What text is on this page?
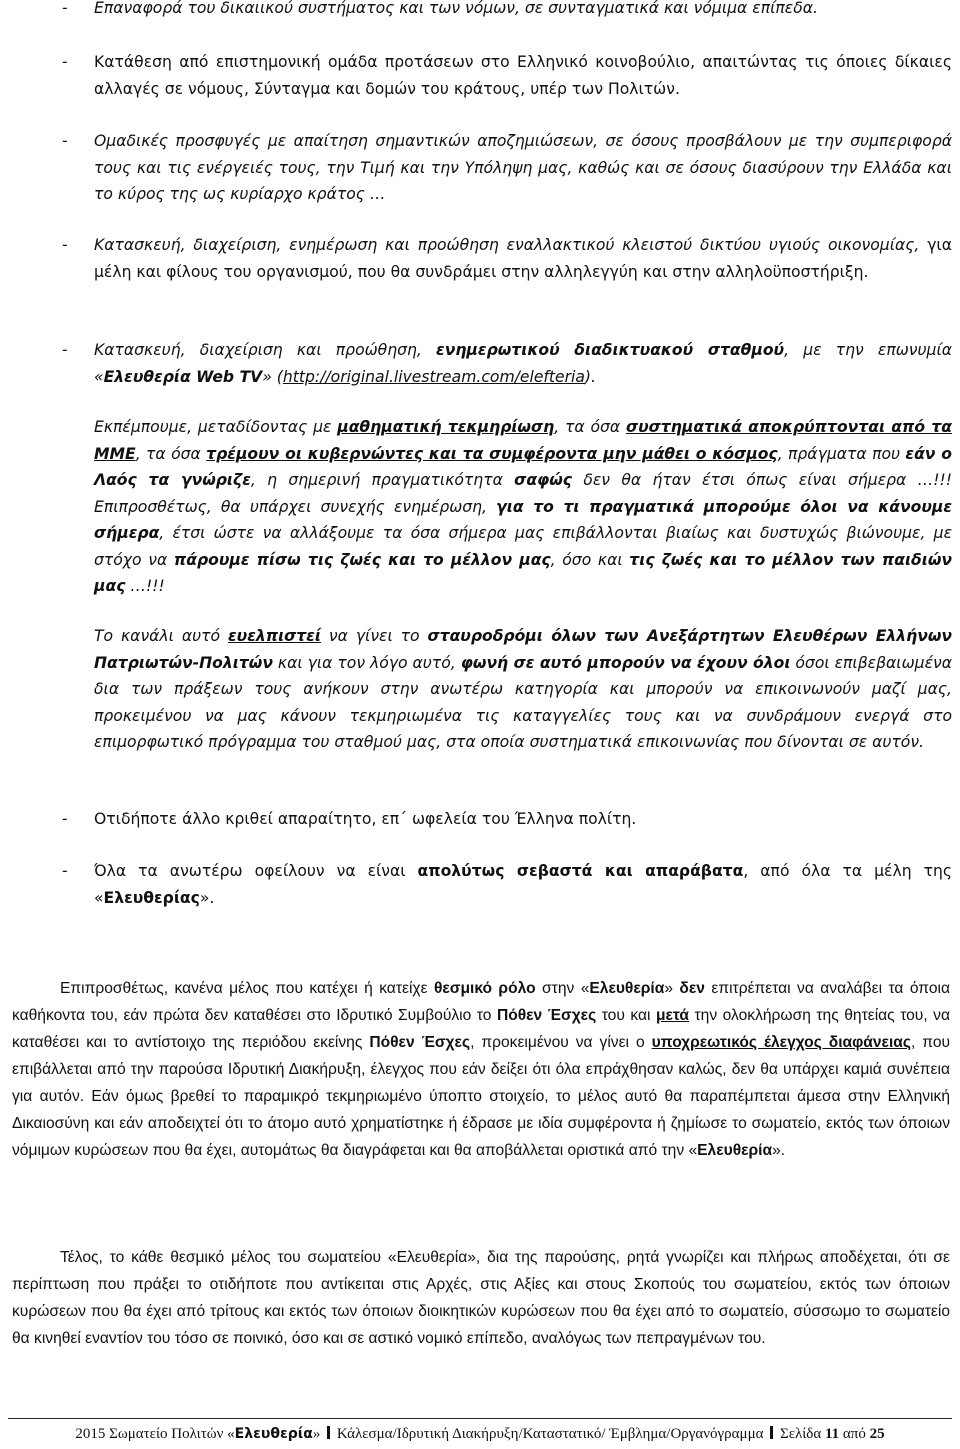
- Επαναφορά του δικαιικού συστήματος και των νόμων, σε συνταγματικά και νόμιμα επίπεδα.
- Κατάθεση από επιστημονική ομάδα προτάσεων στο Ελληνικό κοινοβούλιο, απαιτώντας τις όποιες δίκαιες αλλαγές σε νόμους, Σύνταγμα και δομών του κράτους, υπέρ των Πολιτών.
- Ομαδικές προσφυγές με απαίτηση σημαντικών αποζημιώσεων, σε όσους προσβάλουν με την συμπεριφορά τους και τις ενέργειές τους, την Τιμή και την Υπόληψη μας, καθώς και σε όσους διασύρουν την Ελλάδα και το κύρος της ως κυρίαρχο κράτος …
- Κατασκευή, διαχείριση, ενημέρωση και προώθηση εναλλακτικού κλειστού δικτύου υγιούς οικονομίας, για μέλη και φίλους του οργανισμού, που θα συνδράμει στην αλληλεγγύη και στην αλληλοϋποστήριξη.
- Κατασκευή, διαχείριση και προώθηση, ενημερωτικού διαδικτυακού σταθμού, με την επωνυμία «Ελευθερία Web TV» (http://original.livestream.com/elefteria).
Εκπέμπουμε, μεταδίδοντας με μαθηματική τεκμηρίωση, τα όσα συστηματικά αποκρύπτονται από τα ΜΜΕ, τα όσα τρέμουν οι κυβερνώντες και τα συμφέροντα μην μάθει ο κόσμος, πράγματα που εάν ο Λαός τα γνώριζε, η σημερινή πραγματικότητα σαφώς δεν θα ήταν έτσι όπως είναι σήμερα …!!! Επιπροσθέτως, θα υπάρχει συνεχής ενημέρωση, για το τι πραγματικά μπορούμε όλοι να κάνουμε σήμερα, έτσι ώστε να αλλάξουμε τα όσα σήμερα μας επιβάλλονται βιαίως και δυστυχώς βιώνουμε, με στόχο να πάρουμε πίσω τις ζωές και το μέλλον μας, όσο και τις ζωές και το μέλλον των παιδιών μας …!!!
Το κανάλι αυτό ευελπιστεί να γίνει το σταυροδρόμι όλων των Ανεξάρτητων Ελευθέρων Ελλήνων Πατριωτών-Πολιτών και για τον λόγο αυτό, φωνή σε αυτό μπορούν να έχουν όλοι όσοι επιβεβαιωμένα δια των πράξεων τους ανήκουν στην ανωτέρω κατηγορία και μπορούν να επικοινωνούν μαζί μας, προκειμένου να μας κάνουν τεκμηριωμένα τις καταγγελίες τους και να συνδράμουν ενεργά στο επιμορφωτικό πρόγραμμα του σταθμού μας, στα οποία συστηματικά επικοινωνίας που δίνονται σε αυτόν.
- Οτιδήποτε άλλο κριθεί απαραίτητο, επ΄ ωφελεία του Έλληνα πολίτη.
- Όλα τα ανωτέρω οφείλουν να είναι απολύτως σεβαστά και απαράβατα, από όλα τα μέλη της «Ελευθερίας».
Επιπροσθέτως, κανένα μέλος που κατέχει ή κατείχε θεσμικό ρόλο στην «Ελευθερία» δεν επιτρέπεται να αναλάβει τα όποια καθήκοντα του, εάν πρώτα δεν καταθέσει στο Ιδρυτικό Συμβούλιο το Πόθεν Έσχες του και μετά την ολοκλήρωση της θητείας του, να καταθέσει και το αντίστοιχο της περιόδου εκείνης Πόθεν Έσχες, προκειμένου να γίνει ο υποχρεωτικός έλεγχος διαφάνειας, που επιβάλλεται από την παρούσα Ιδρυτική Διακήρυξη, έλεγχος που εάν δείξει ότι όλα επράχθησαν καλώς, δεν θα υπάρχει καμιά συνέπεια για αυτόν. Εάν όμως βρεθεί το παραμικρό τεκμηριωμένο ύποπτο στοιχείο, το μέλος αυτό θα παραπέμπεται άμεσα στην Ελληνική Δικαιοσύνη και εάν αποδειχτεί ότι το άτομο αυτό χρηματίστηκε ή έδρασε με ιδία συμφέροντα ή ζημίωσε το σωματείο, εκτός των όποιων νόμιμων κυρώσεων που θα έχει, αυτομάτως θα διαγράφεται και θα αποβάλλεται οριστικά από την «Ελευθερία».
Τέλος, το κάθε θεσμικό μέλος του σωματείου «Ελευθερία», δια της παρούσης, ρητά γνωρίζει και πλήρως αποδέχεται, ότι σε περίπτωση που πράξει το οτιδήποτε που αντίκειται στις Αρχές, στις Αξίες και στους Σκοπούς του σωματείου, εκτός των όποιων κυρώσεων που θα έχει από τρίτους και εκτός των όποιων διοικητικών κυρώσεων που θα έχει από το σωματείο, σύσσωμο το σωματείο θα κινηθεί εναντίον του τόσο σε ποινικό, όσο και σε αστικό νομικό επίπεδο, αναλόγως των πεπραγμένων του.
2015 Σωματείο Πολιτών «Ελευθερία» Κάλεσμα/Ιδρυτική Διακήρυξη/Καταστατικό/ Έμβλημα/Οργανόγραμμα Σελίδα 11 από 25
